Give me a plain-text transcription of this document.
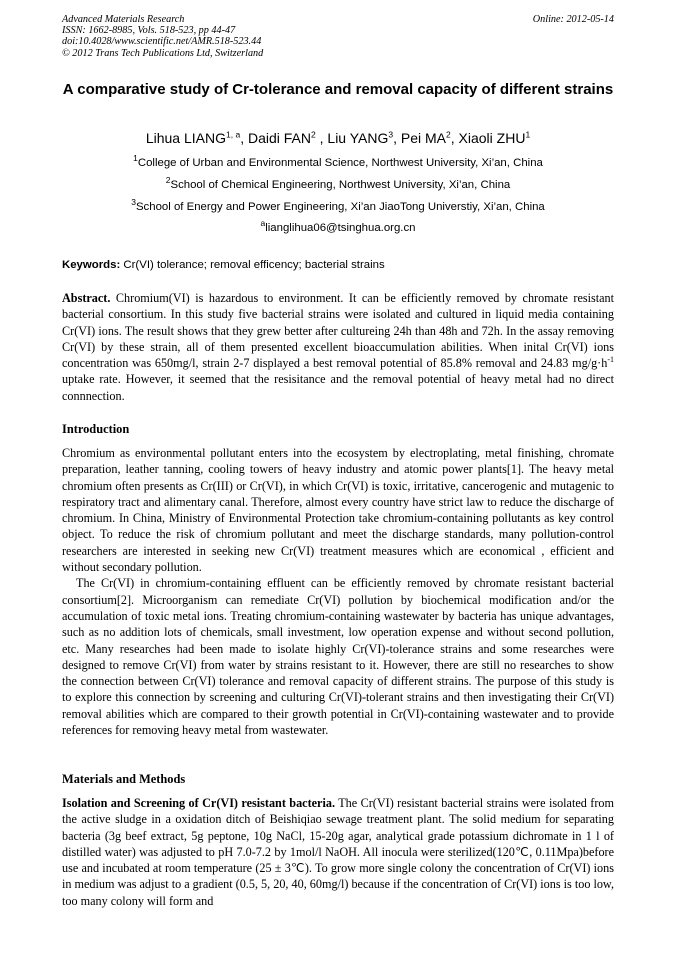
Advanced Materials Research
ISSN: 1662-8985, Vols. 518-523, pp 44-47
doi:10.4028/www.scientific.net/AMR.518-523.44
© 2012 Trans Tech Publications Ltd, Switzerland
Online: 2012-05-14
A comparative study of Cr-tolerance and removal capacity of different strains
Lihua LIANG$^{1, a}$, Daidi FAN$^2$ , Liu YANG$^3$, Pei $MA^2$, Xiaoli ZHU$^1$
$^1$College of Urban and Environmental Science, Northwest University, Xi’an, China
$^2$School of Chemical Engineering, Northwest University, Xi’an, China
$^3$School of Energy and Power Engineering, Xi’an JiaoTong Universtiy, Xi’an, China
$^a$lianglihua06@tsinghua.org.cn
Keywords: Cr(VI) tolerance; removal efficency; bacterial strains
Abstract. Chromium(VI) is hazardous to environment. It can be efficiently removed by chromate resistant bacterial consortium. In this study five bacterial strains were isolated and cultured in liquid media containing Cr(VI) ions. The result shows that they grew better after cultureing 24h than 48h and 72h. In the assay removing Cr(VI) by these strain, all of them presented excellent bioaccumulation abilities. When inital Cr(VI) ions concentration was 650mg/l, strain 2-7 displayed a best removal potential of 85.8% removal and 24.83 $mg/g\cdot h^{-1}$ uptake rate. However, it seemed that the resisitance and the removal potential of heavy metal had no direct connnection.
Introduction
Chromium as environmental pollutant enters into the ecosystem by electroplating, metal finishing, chromate preparation, leather tanning, cooling towers of heavy industry and atomic power plants[1]. The heavy metal chromium often presents as Cr(III) or Cr(VI), in which Cr(VI) is toxic, irritative, cancerogenic and mutagenic to respiratory tract and alimentary canal. Therefore, almost every country have strict law to reduce the discharge of chromium. In China, Ministry of Environmental Protection take chromium-containing pollutants as key control object. To reduce the risk of chromium pollutant and meet the discharge standards, many pollution-control researchers are interested in seeking new Cr(VI) treatment measures which are economical , efficient and without secondary pollution.
The Cr(VI) in chromium-containing effluent can be efficiently removed by chromate resistant bacterial consortium[2]. Microorganism can remediate Cr(VI) pollution by biochemical modification and/or the accumulation of toxic metal ions. Treating chromium-containing wastewater by bacteria has unique advantages, such as no addition lots of chemicals, small investment, low operation expense and without second pollution, etc. Many researches had been made to isolate highly Cr(VI)-tolerance strains and some researches were designed to remove Cr(VI) from water by strains resistant to it. However, there are still no researches to show the connection between Cr(VI) tolerance and removal capacity of different strains. The purpose of this study is to explore this connection by screening and culturing Cr(VI)-tolerant strains and then investigating their Cr(VI) removal abilities which are compared to their growth potential in Cr(VI)-containing wastewater and to provide references for removing heavy metal from wastewater.
Materials and Methods
Isolation and Screening of Cr(VI) resistant bacteria. The Cr(VI) resistant bacterial strains were isolated from the active sludge in a oxidation ditch of Beishiqiao sewage treatment plant. The solid medium for separating bacteria (3g beef extract, 5g peptone, 10g NaCl, 15-20g agar, analytical grade potassium dichromate in 1 l of distilled water) was adjusted to pH 7.0-7.2 by 1mol/l NaOH. All inocula were sterilized(120℃, 0.11Mpa)before use and incubated at room temperature (25 ± 3℃). To grow more single colony the concentration of Cr(VI) ions in medium was adjust to a gradient (0.5, 5, 20, 40, 60mg/l) because if the concentration of Cr(VI) ions is too low, too many colony will form and
